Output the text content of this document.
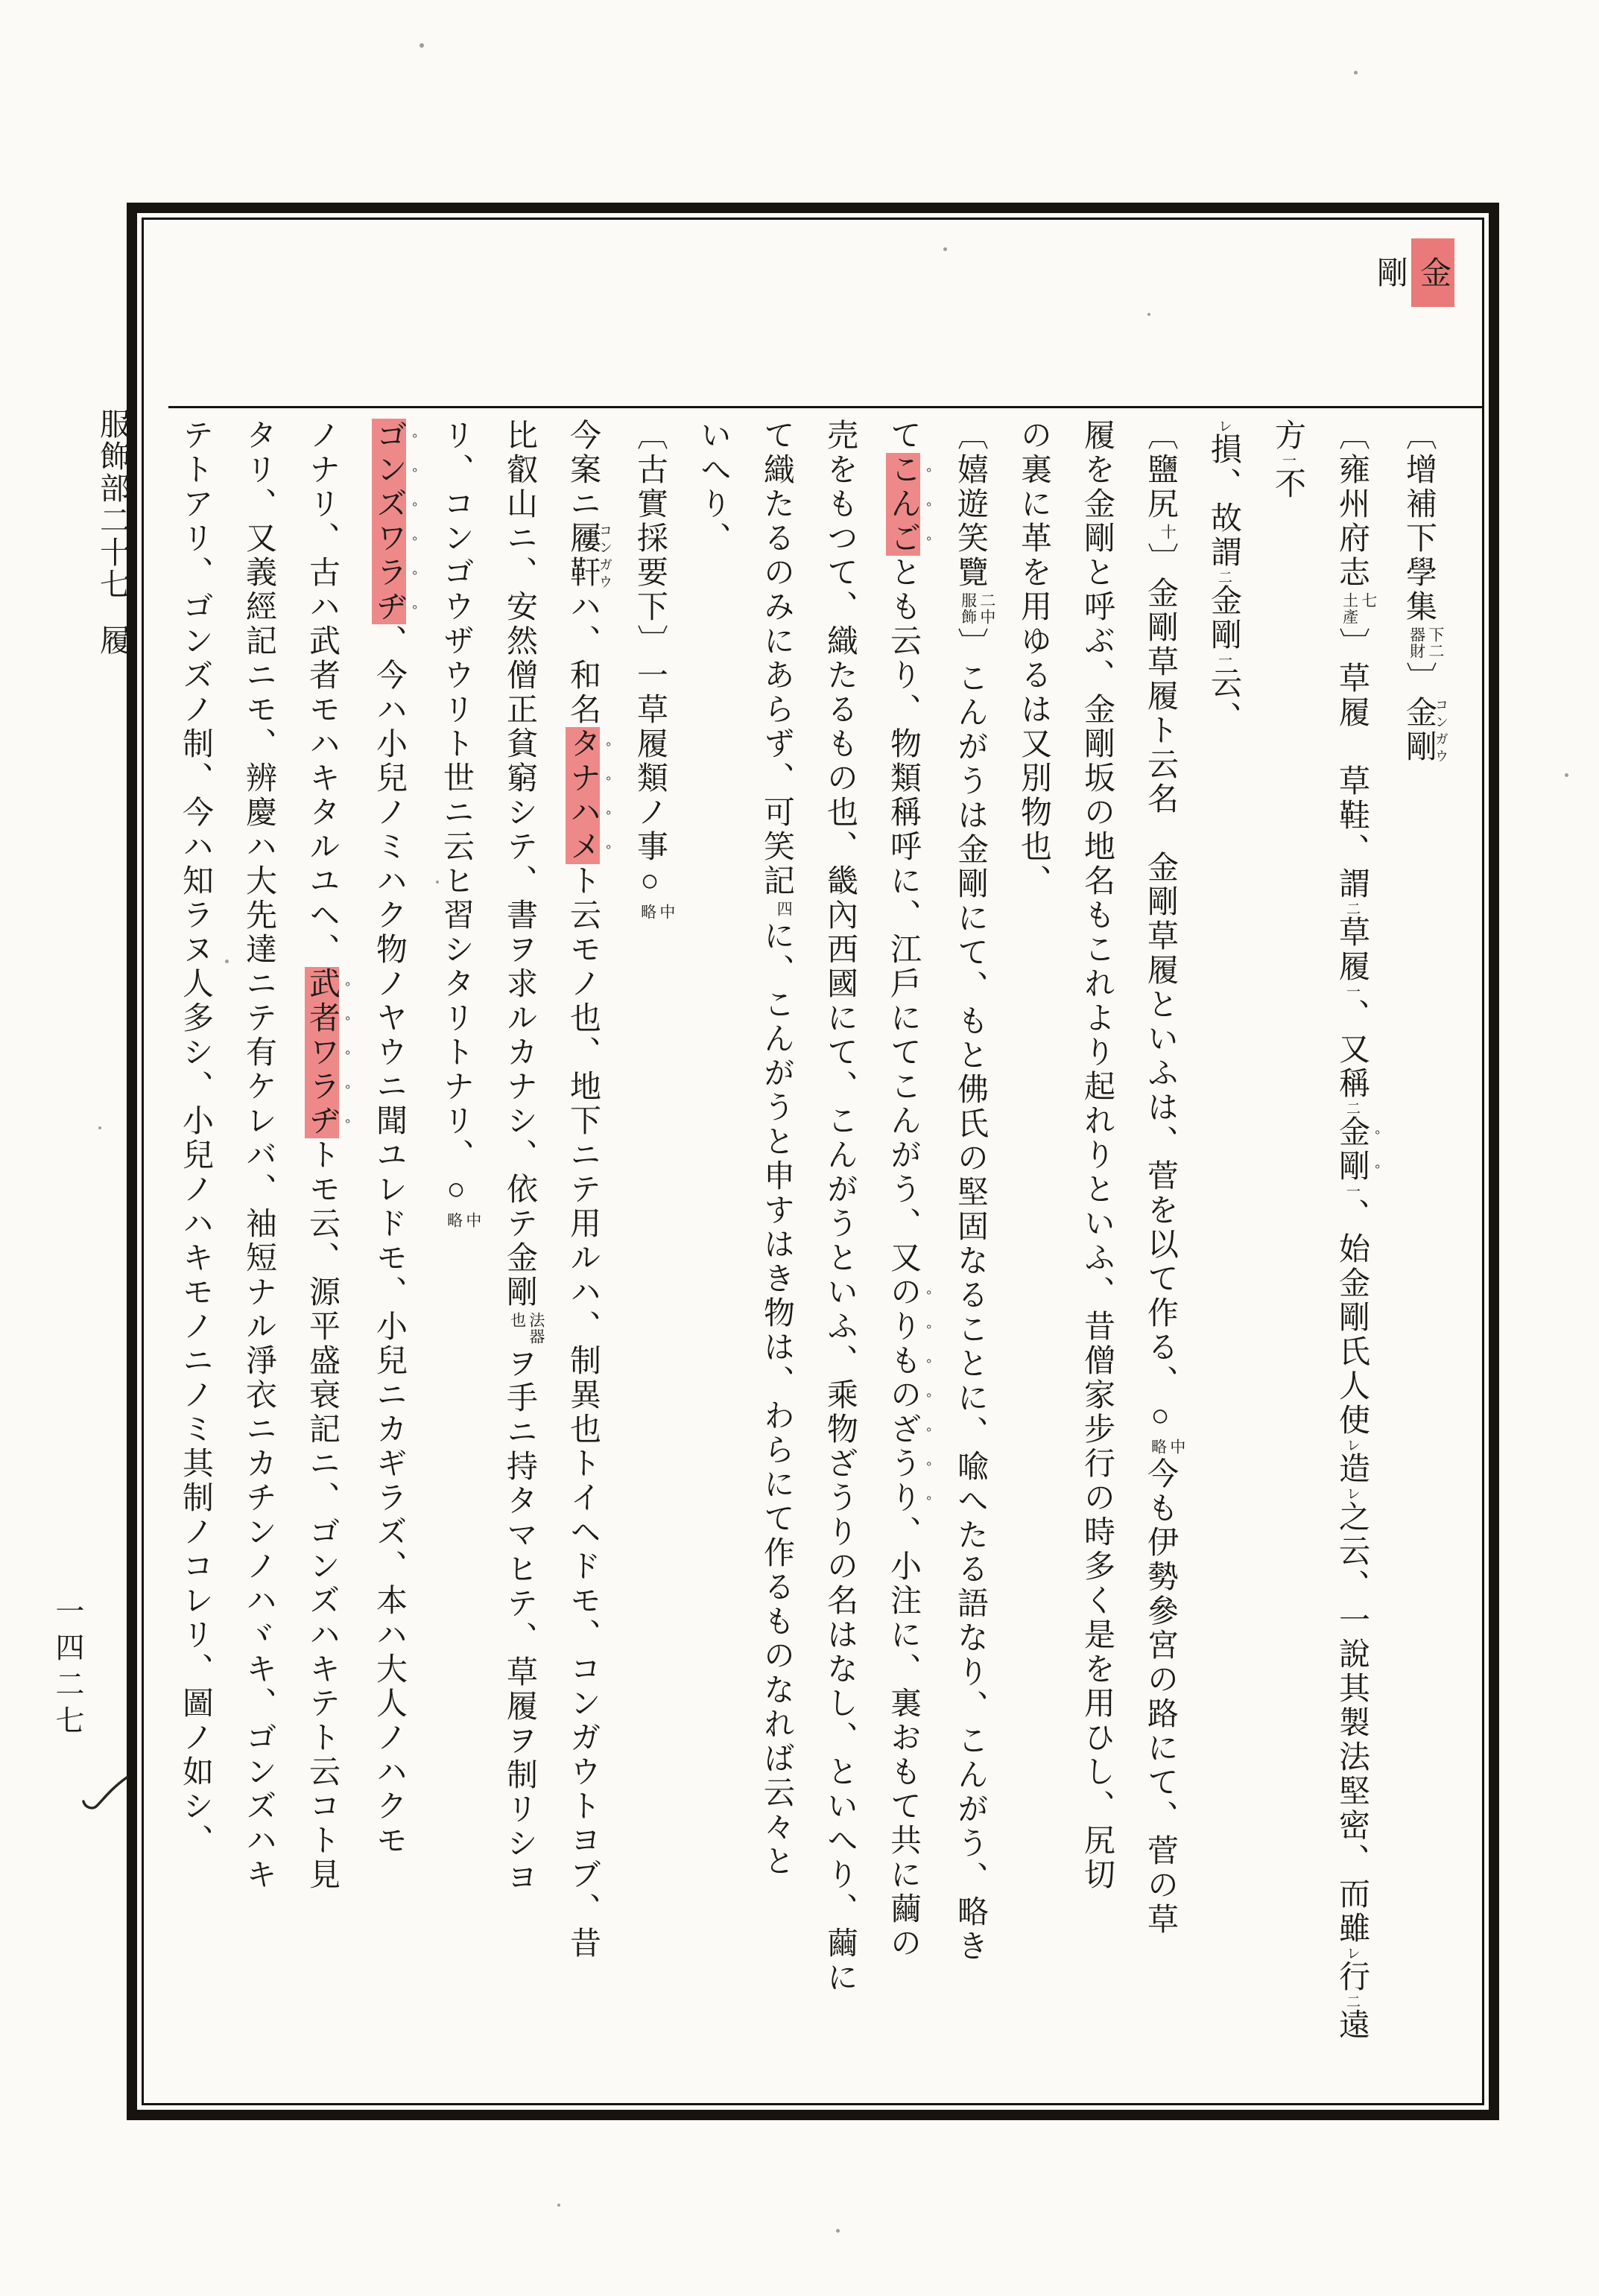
金剛
〔增補下學集
下二
器財
〕金剛コンガウ
〔雍州府志
七
土產
〕草履　草鞋、謂二草履一、又稱二金剛一、始金剛氏人使レ造レ之云、一說其製法堅密、而雖レ行二遠方一不
レ損、故謂二金剛一云、
〔鹽尻
十
〕金剛草履ト云名　金剛草履といふは、菅を以て作る、○
中
略
今も伊勢參宮の路にて、菅の草
履を金剛と呼ぶ、金剛坂の地名もこれより起れりといふ、昔僧家步行の時多く是を用ひし、尻切
の裏に革を用ゆるは又別物也、
〔嬉遊笑覽
二中
服飾
〕こんがうは金剛にて、もと佛氏の堅固なることに、喩へたる語なり、こんがう、略き
てこんごとも云り、物類稱呼に、江戶にてこんがう、又のりものざうり、小注に、裏おもて共に繭の
売をもつて、織たるもの也、畿內西國にて、こんがうといふ、乘物ざうりの名はなし、といへり、繭に
て織たるのみにあらず、可笑記
四
に、こんがうと申すはき物は、わらにて作るものなれば云々と
いへり、
〔古實採要下〕一草履類ノ事○
中
略
今案ニ屨靬コンガウハ、和名タナハメト云モノ也、地下ニテ用ルハ、制異也トイヘドモ、コンガウトヨブ、昔
比叡山ニ、安然僧正貧窮シテ、書ヲ求ルカナシ、依テ金剛
法器
也
ヲ手ニ持タマヒテ、草履ヲ制リシヨ
リ、コンゴウザウリト世ニ云ヒ習シタリトナリ、○
中
略
ゴンズワラヂ、今ハ小兒ノミハク物ノヤウニ聞ユレドモ、小兒ニカギラズ、本ハ大人ノハクモ
ノナリ、古ハ武者モハキタルユヘ、武者ワラヂトモ云、源平盛衰記ニ、ゴンズハキテト云コト見
タリ、又義經記ニモ、辨慶ハ大先達ニテ有ケレバ、袖短ナル淨衣ニカチンノハヾキ、ゴンズハキ
テトアリ、ゴンズノ制、今ハ知ラヌ人多シ、小兒ノハキモノニノミ其制ノコレリ、圖ノ如シ、
服飾部二十七
履
一四二七
